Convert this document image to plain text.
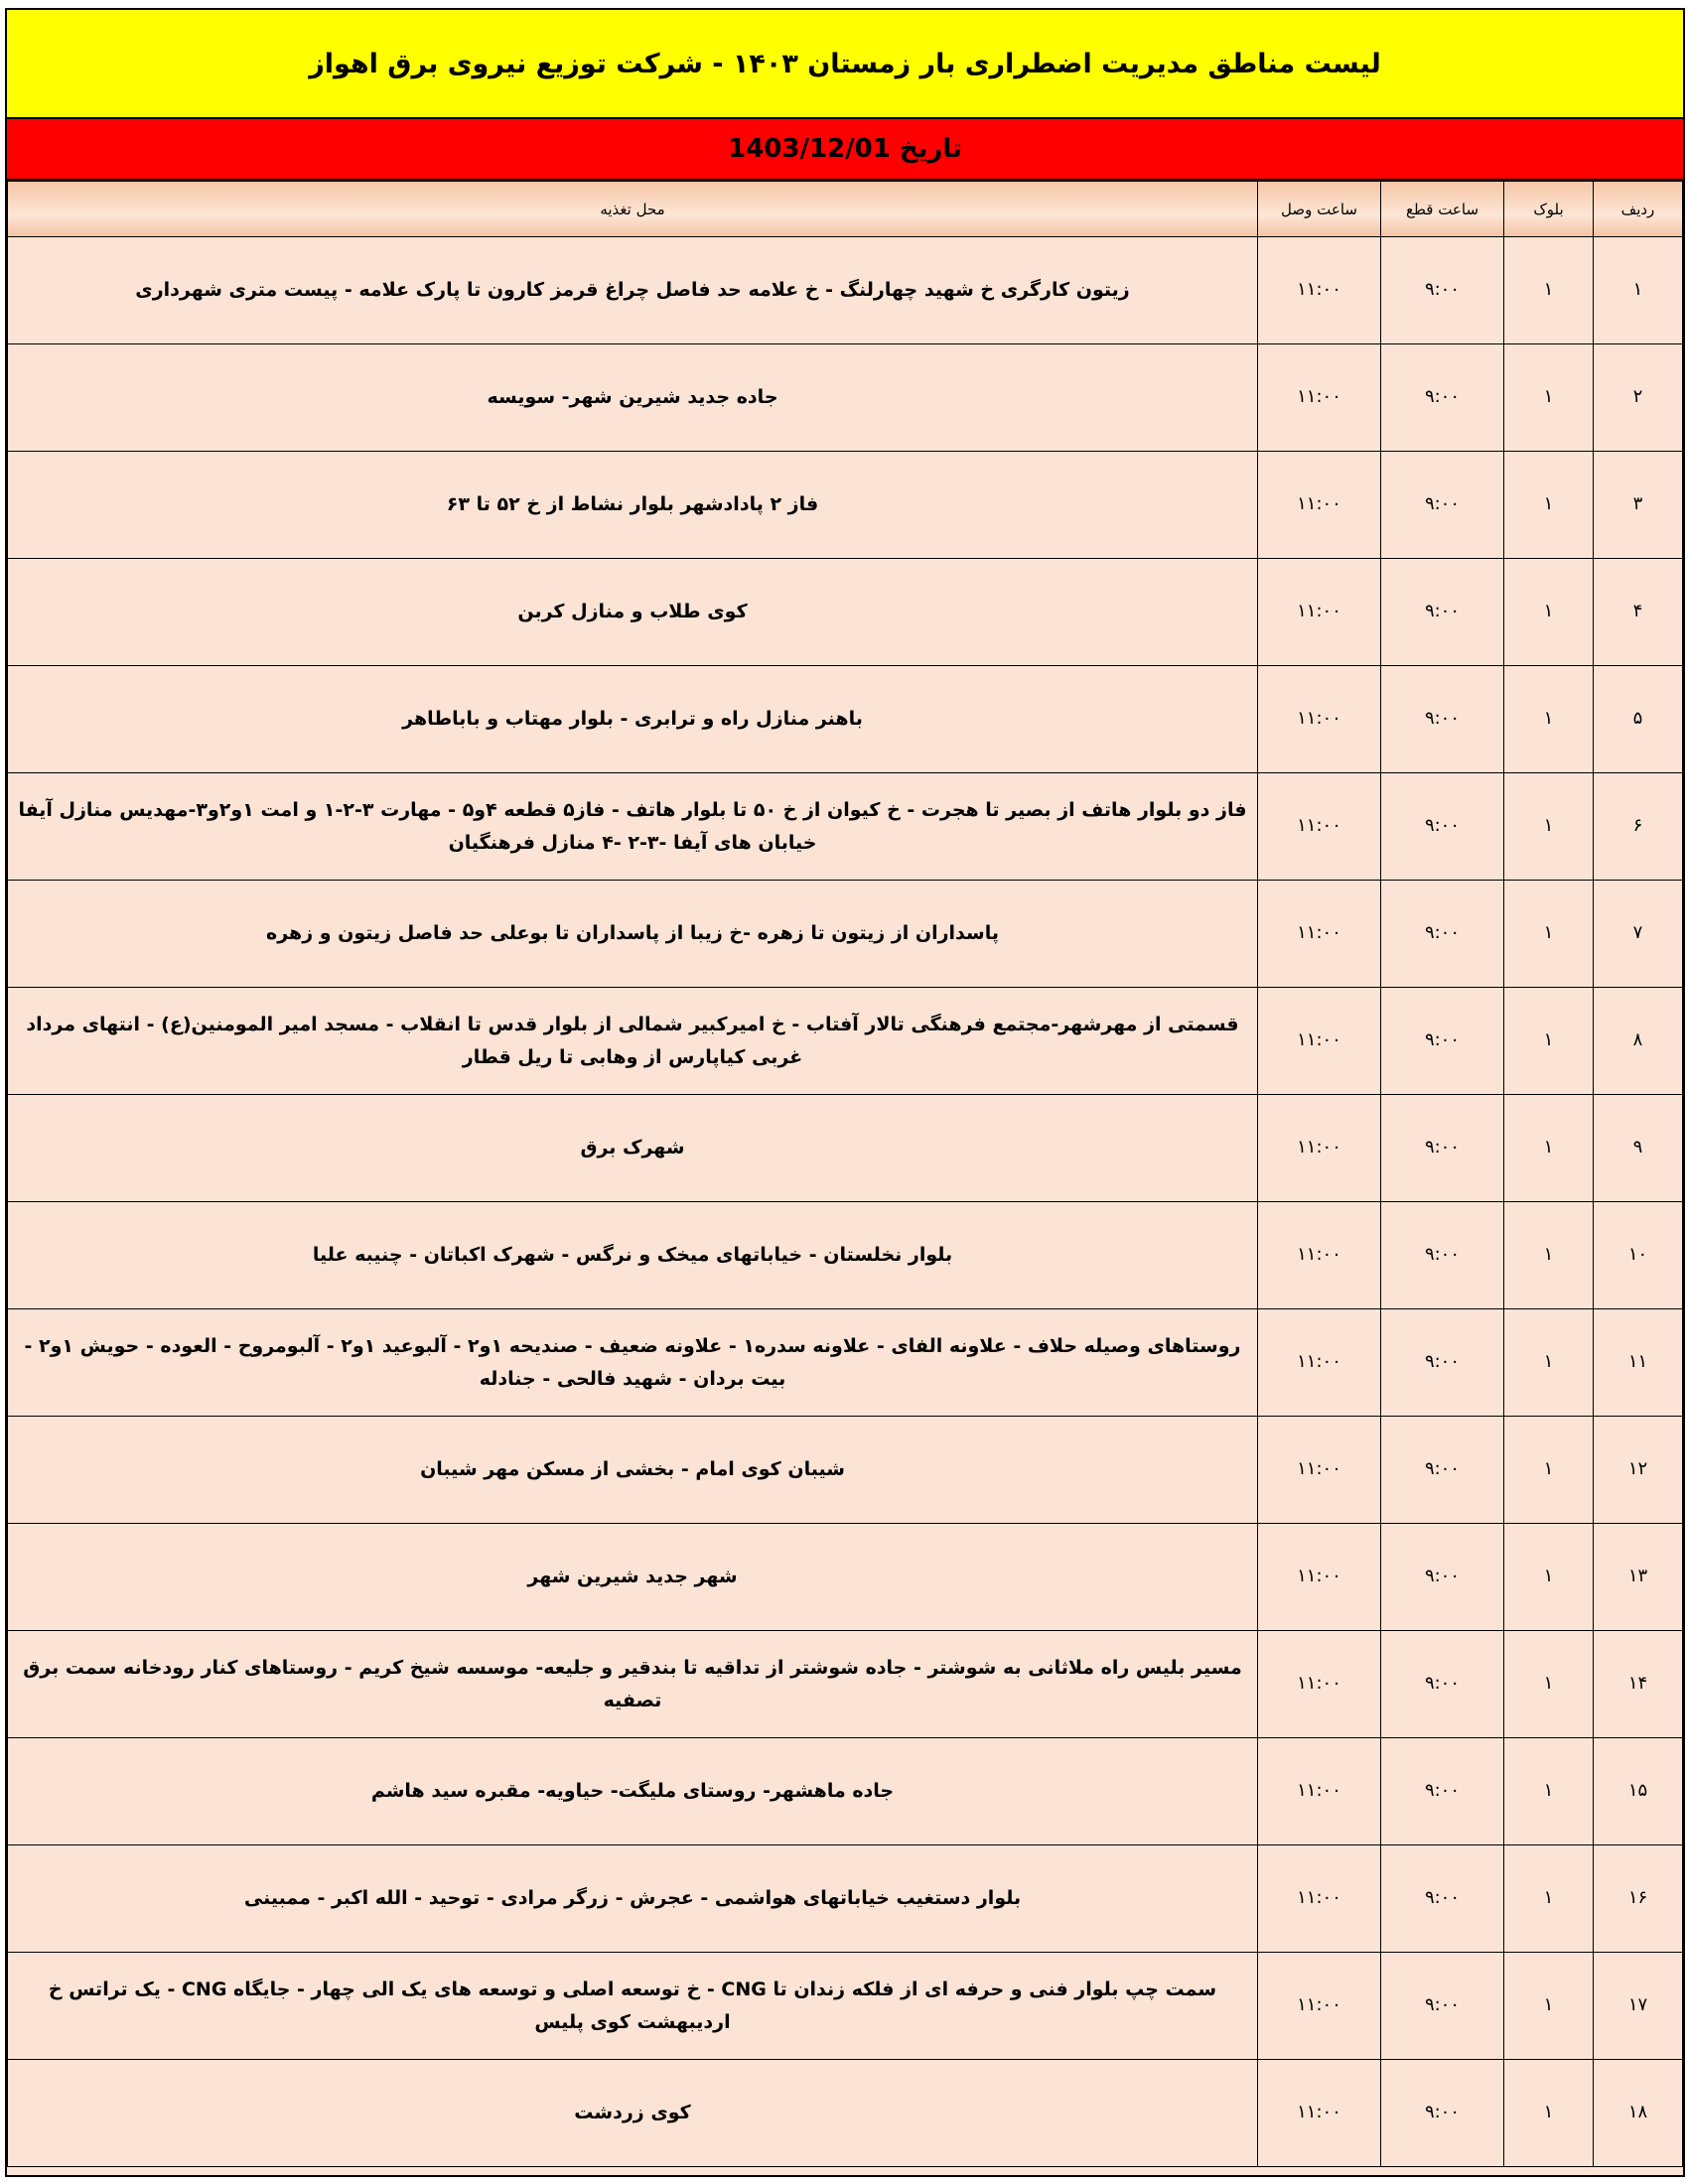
لیست مناطق مدیریت اضطراری بار زمستان ۱۴۰۳ - شرکت توزیع نیروی برق اهواز
تاریخ 1403/12/01
ردیف	بلوک	ساعت قطع	ساعت وصل	محل تغذیه
۱	۱	۹:۰۰	۱۱:۰۰	زیتون کارگری خ شهید چهارلنگ - خ علامه حد فاصل چراغ قرمز کارون تا پارک علامه - پیست متری شهرداری
۲	۱	۹:۰۰	۱۱:۰۰	جاده جدید شیرین شهر- سویسه
۳	۱	۹:۰۰	۱۱:۰۰	فاز ۲ پادادشهر بلوار نشاط از خ ۵۲ تا ۶۳
۴	۱	۹:۰۰	۱۱:۰۰	کوی طلاب و منازل کربن
۵	۱	۹:۰۰	۱۱:۰۰	باهنر منازل راه و ترابری - بلوار مهتاب و باباطاهر
۶	۱	۹:۰۰	۱۱:۰۰	فاز دو بلوار هاتف از بصیر تا هجرت - خ کیوان از خ ۵۰ تا بلوار هاتف - فاز۵ قطعه ۴و۵ - مهارت ۳-۲-۱ و امت ۱و۲و۳-مهدیس منازل آیفا خیابان های آیفا -۳-۲ -۴ منازل فرهنگیان
۷	۱	۹:۰۰	۱۱:۰۰	پاسداران از زیتون تا زهره -خ زیبا از پاسداران تا بوعلی حد فاصل زیتون و زهره
۸	۱	۹:۰۰	۱۱:۰۰	قسمتی از مهرشهر-مجتمع فرهنگی تالار آفتاب - خ امیرکبیر شمالی از بلوار قدس تا انقلاب - مسجد امیر المومنین(ع) - انتهای مرداد غربی کیاپارس از وهابی تا ریل قطار
۹	۱	۹:۰۰	۱۱:۰۰	شهرک برق
۱۰	۱	۹:۰۰	۱۱:۰۰	بلوار نخلستان - خیاباتهای میخک و نرگس - شهرک اکباتان - چنیبه علیا
۱۱	۱	۹:۰۰	۱۱:۰۰	روستاهای وصیله حلاف - علاونه الفای - علاونه سدره۱ - علاونه ضعیف - صندیحه ۱و۲ - آلبوعید ۱و۲ - آلبومروح - العوده - حویش ۱و۲ - بیت بردان - شهید فالحی - جنادله
۱۲	۱	۹:۰۰	۱۱:۰۰	شیبان کوی امام - بخشی از مسکن مهر شیبان
۱۳	۱	۹:۰۰	۱۱:۰۰	شهر جدید شیرین شهر
۱۴	۱	۹:۰۰	۱۱:۰۰	مسیر بلیس راه ملاثانی به شوشتر - جاده شوشتر از تداقیه تا بندقیر و جلیعه- موسسه شیخ کریم - روستاهای کنار رودخانه سمت برق تصفیه
۱۵	۱	۹:۰۰	۱۱:۰۰	جاده ماهشهر- روستای ملیگت- حیاویه- مقبره سید هاشم
۱۶	۱	۹:۰۰	۱۱:۰۰	بلوار دستغیب خیاباتهای هواشمی - عجرش - زرگر مرادی - توحید - الله اکبر - ممبینی
۱۷	۱	۹:۰۰	۱۱:۰۰	سمت چپ بلوار فنی و حرفه ای از فلکه زندان تا CNG - خ توسعه اصلی و توسعه های یک الی چهار - جایگاه CNG - یک تراتس خ اردیبهشت کوی پلیس
۱۸	۱	۹:۰۰	۱۱:۰۰	کوی زردشت
